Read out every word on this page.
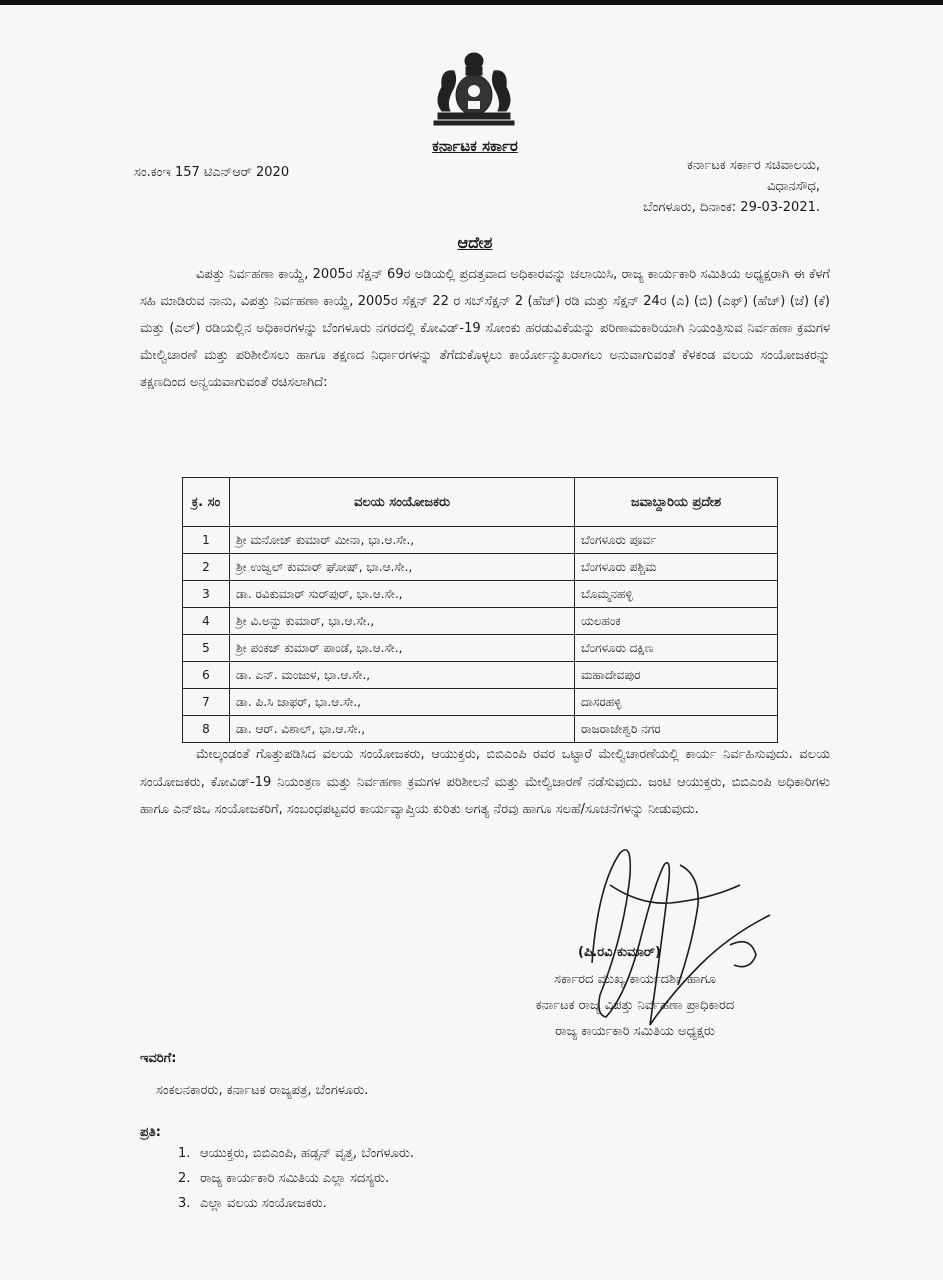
ಕರ್ನಾಟಕ ಸರ್ಕಾರ
ಸಂ.ಕಂಇ 157 ಟಿಎನ್‌ಆರ್ 2020	ಕರ್ನಾಟಕ ಸರ್ಕಾರ ಸಚಿವಾಲಯ,
ವಿಧಾನಸೌಧ,
ಬೆಂಗಳೂರು, ದಿನಾಂಕ: 29-03-2021.
ಆದೇಶ
ವಿಪತ್ತು ನಿರ್ವಹಣಾ ಕಾಯ್ದೆ, 2005ರ ಸೆಕ್ಷನ್ 69ರ ಅಡಿಯಲ್ಲಿ ಪ್ರದತ್ತವಾದ ಅಧಿಕಾರವನ್ನು ಚಲಾಯಿಸಿ, ರಾಜ್ಯ ಕಾರ್ಯಕಾರಿ ಸಮಿತಿಯ ಅಧ್ಯಕ್ಷರಾಗಿ ಈ ಕೆಳಗೆ ಸಹಿ ಮಾಡಿರುವ ನಾನು, ವಿಪತ್ತು ನಿರ್ವಹಣಾ ಕಾಯ್ದೆ, 2005ರ ಸೆಕ್ಷನ್ 22 ರ ಸಬ್‌ಸೆಕ್ಷನ್ 2 (ಹೆಚ್) ರಡಿ ಮತ್ತು ಸೆಕ್ಷನ್ 24ರ (ಎ) (ಬಿ) (ಎಫ್) (ಹೆಚ್) (ಜೆ) (ಕೆ) ಮತ್ತು (ಎಲ್) ರಡಿಯಲ್ಲಿನ ಅಧಿಕಾರಗಳನ್ನು ಬೆಂಗಳೂರು ನಗರದಲ್ಲಿ ಕೋವಿಡ್-19 ಸೋಂಕು ಹರಡುವಿಕೆಯನ್ನು ಪರಿಣಾಮಕಾರಿಯಾಗಿ ನಿಯಂತ್ರಿಸುವ ನಿರ್ವಹಣಾ ಕ್ರಮಗಳ ಮೇಲ್ವಿಚಾರಣೆ ಮತ್ತು ಪರಿಶೀಲಿಸಲು ಹಾಗೂ ತಕ್ಷಣದ ನಿರ್ಧಾರಗಳನ್ನು ತೆಗೆದುಕೊಳ್ಳಲು ಕಾರ್ಯೋನ್ಮುಖರಾಗಲು ಅನುವಾಗುವಂತೆ ಕೆಳಕಂಡ ವಲಯ ಸಂಯೋಜಕರನ್ನು ತಕ್ಷಣದಿಂದ ಅನ್ವಯವಾಗುವಂತೆ ರಚಿಸಲಾಗಿದೆ:
ಕ್ರ. ಸಂ	ವಲಯ ಸಂಯೋಜಕರು	ಜವಾಬ್ದಾರಿಯ ಪ್ರದೇಶ
1	ಶ್ರೀ ಮನೋಜ್ ಕುಮಾರ್ ಮೀನಾ, ಭಾ.ಆ.ಸೇ.,	ಬೆಂಗಳೂರು ಪೂರ್ವ
2	ಶ್ರೀ ಉಜ್ವಲ್ ಕುಮಾರ್ ಘೋಷ್, ಭಾ.ಆ.ಸೇ.,	ಬೆಂಗಳೂರು ಪಶ್ಚಿಮ
3	ಡಾ. ರವಿಕುಮಾರ್ ಸುರ್‌ಪುರ್, ಭಾ.ಆ.ಸೇ.,	ಬೊಮ್ಮನಹಳ್ಳಿ
4	ಶ್ರೀ ವಿ.ಅನ್ಬು ಕುಮಾರ್, ಭಾ.ಆ.ಸೇ.,	ಯಲಹಂಕ
5	ಶ್ರೀ ಪಂಕಜ್ ಕುಮಾರ್ ಪಾಂಡೆ, ಭಾ.ಆ.ಸೇ.,	ಬೆಂಗಳೂರು ದಕ್ಷಿಣ
6	ಡಾ. ಎನ್. ಮಂಜುಳ, ಭಾ.ಆ.ಸೇ.,	ಮಹಾದೇವಪುರ
7	ಡಾ. ಪಿ.ಸಿ ಜಾಫರ್, ಭಾ.ಆ.ಸೇ.,	ದಾಸರಹಳ್ಳಿ
8	ಡಾ. ಆರ್. ವಿಶಾಲ್, ಭಾ.ಆ.ಸೇ.,	ರಾಜರಾಜೇಶ್ವರಿ ನಗರ
ಮೇಲ್ಕಂಡಂತೆ ಗೊತ್ತುಪಡಿಸಿದ ವಲಯ ಸಂಯೋಜಕರು, ಆಯುಕ್ತರು, ಬಿಬಿಎಂಪಿ ರವರ ಒಟ್ಟಾರೆ ಮೇಲ್ವಿಚಾರಣೆಯಲ್ಲಿ ಕಾರ್ಯ ನಿರ್ವಹಿಸುವುದು. ವಲಯ ಸಂಯೋಜಕರು, ಕೋವಿಡ್-19 ನಿಯಂತ್ರಣ ಮತ್ತು ನಿರ್ವಹಣಾ ಕ್ರಮಗಳ ಪರಿಶೀಲನೆ ಮತ್ತು ಮೇಲ್ವಿಚಾರಣೆ ನಡೆಸುವುದು. ಜಂಟಿ ಆಯುಕ್ತರು, ಬಿಬಿಎಂಪಿ ಅಧಿಕಾರಿಗಳು ಹಾಗೂ ಎನ್‌ಜಿಒ ಸಂಯೋಜಕರಿಗೆ, ಸಂಬಂಧಪಟ್ಟವರ ಕಾರ್ಯವ್ಯಾಪ್ತಿಯ ಕುರಿತು ಅಗತ್ಯ ನೆರವು ಹಾಗೂ ಸಲಹೆ/ಸೂಚನೆಗಳನ್ನು ನೀಡುವುದು.
(ಪಿ.ರವಿ ಕುಮಾರ್)
ಸರ್ಕಾರದ ಮುಖ್ಯ ಕಾರ್ಯದರ್ಶಿ ಹಾಗೂ
ಕರ್ನಾಟಕ ರಾಜ್ಯ ವಿಪತ್ತು ನಿರ್ವಹಣಾ ಪ್ರಾಧಿಕಾರದ
ರಾಜ್ಯ ಕಾರ್ಯಕಾರಿ ಸಮಿತಿಯ ಅಧ್ಯಕ್ಷರು
ಇವರಿಗೆ:
ಸಂಕಲನಕಾರರು, ಕರ್ನಾಟಕ ರಾಜ್ಯಪತ್ರ, ಬೆಂಗಳೂರು.
ಪ್ರತಿ:
1. ಆಯುಕ್ತರು, ಬಿಬಿಎಂಪಿ, ಹಡ್ಸನ್ ವೃತ್ತ, ಬೆಂಗಳೂರು.
2. ರಾಜ್ಯ ಕಾರ್ಯಕಾರಿ ಸಮಿತಿಯ ಎಲ್ಲಾ ಸದಸ್ಯರು.
3. ಎಲ್ಲಾ ವಲಯ ಸಂಯೋಜಕರು.
